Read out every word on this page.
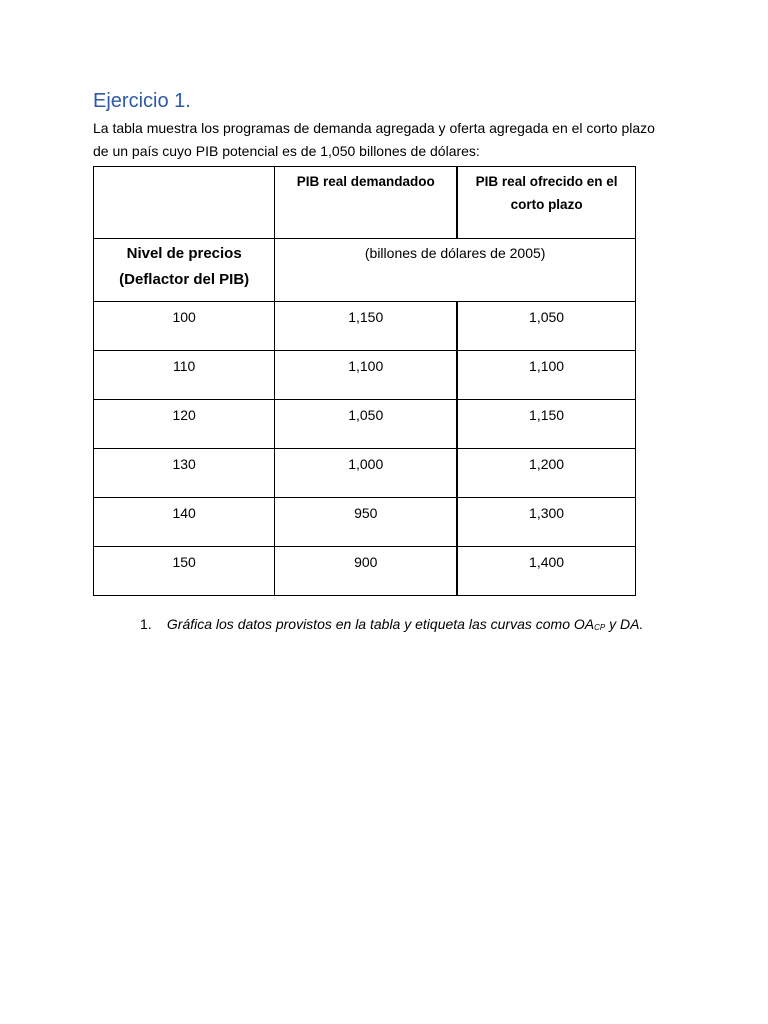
Ejercicio 1.

La tabla muestra los programas de demanda agregada y oferta agregada en el corto plazo
de un país cuyo PIB potencial es de 1,050 billones de dólares:

	PIB real demandadoo	PIB real ofrecido en el
corto plazo

Nivel de precios
(Deflactor del PIB)	(billones de dólares de 2005)	

100	1,150	1,050

110	1,100	1,100

120	1,050	1,150

130	1,000	1,200

140	950	1,300

150	900	1,400

1. Gráfica los datos provistos en la tabla y etiqueta las curvas como OACP y DA.
